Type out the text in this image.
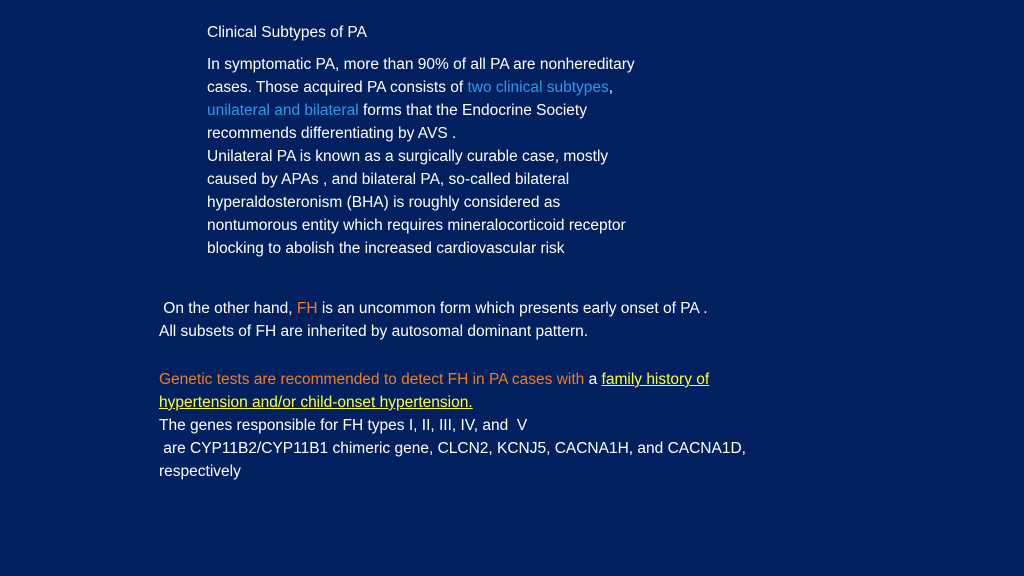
Clinical Subtypes of PA
In symptomatic PA, more than 90% of all PA are nonhereditary
cases. Those acquired PA consists of two clinical subtypes,
unilateral and bilateral forms that the Endocrine Society
recommends differentiating by AVS .
Unilateral PA is known as a surgically curable case, mostly
caused by APAs , and bilateral PA, so-called bilateral
hyperaldosteronism (BHA) is roughly considered as
nontumorous entity which requires mineralocorticoid receptor
blocking to abolish the increased cardiovascular risk
On the other hand, FH is an uncommon form which presents early onset of PA .
All subsets of FH are inherited by autosomal dominant pattern.
Genetic tests are recommended to detect FH in PA cases with a family history of
hypertension and/or child-onset hypertension.
The genes responsible for FH types I, II, III, IV, and  V
are CYP11B2/CYP11B1 chimeric gene, CLCN2, KCNJ5, CACNA1H, and CACNA1D,
respectively
